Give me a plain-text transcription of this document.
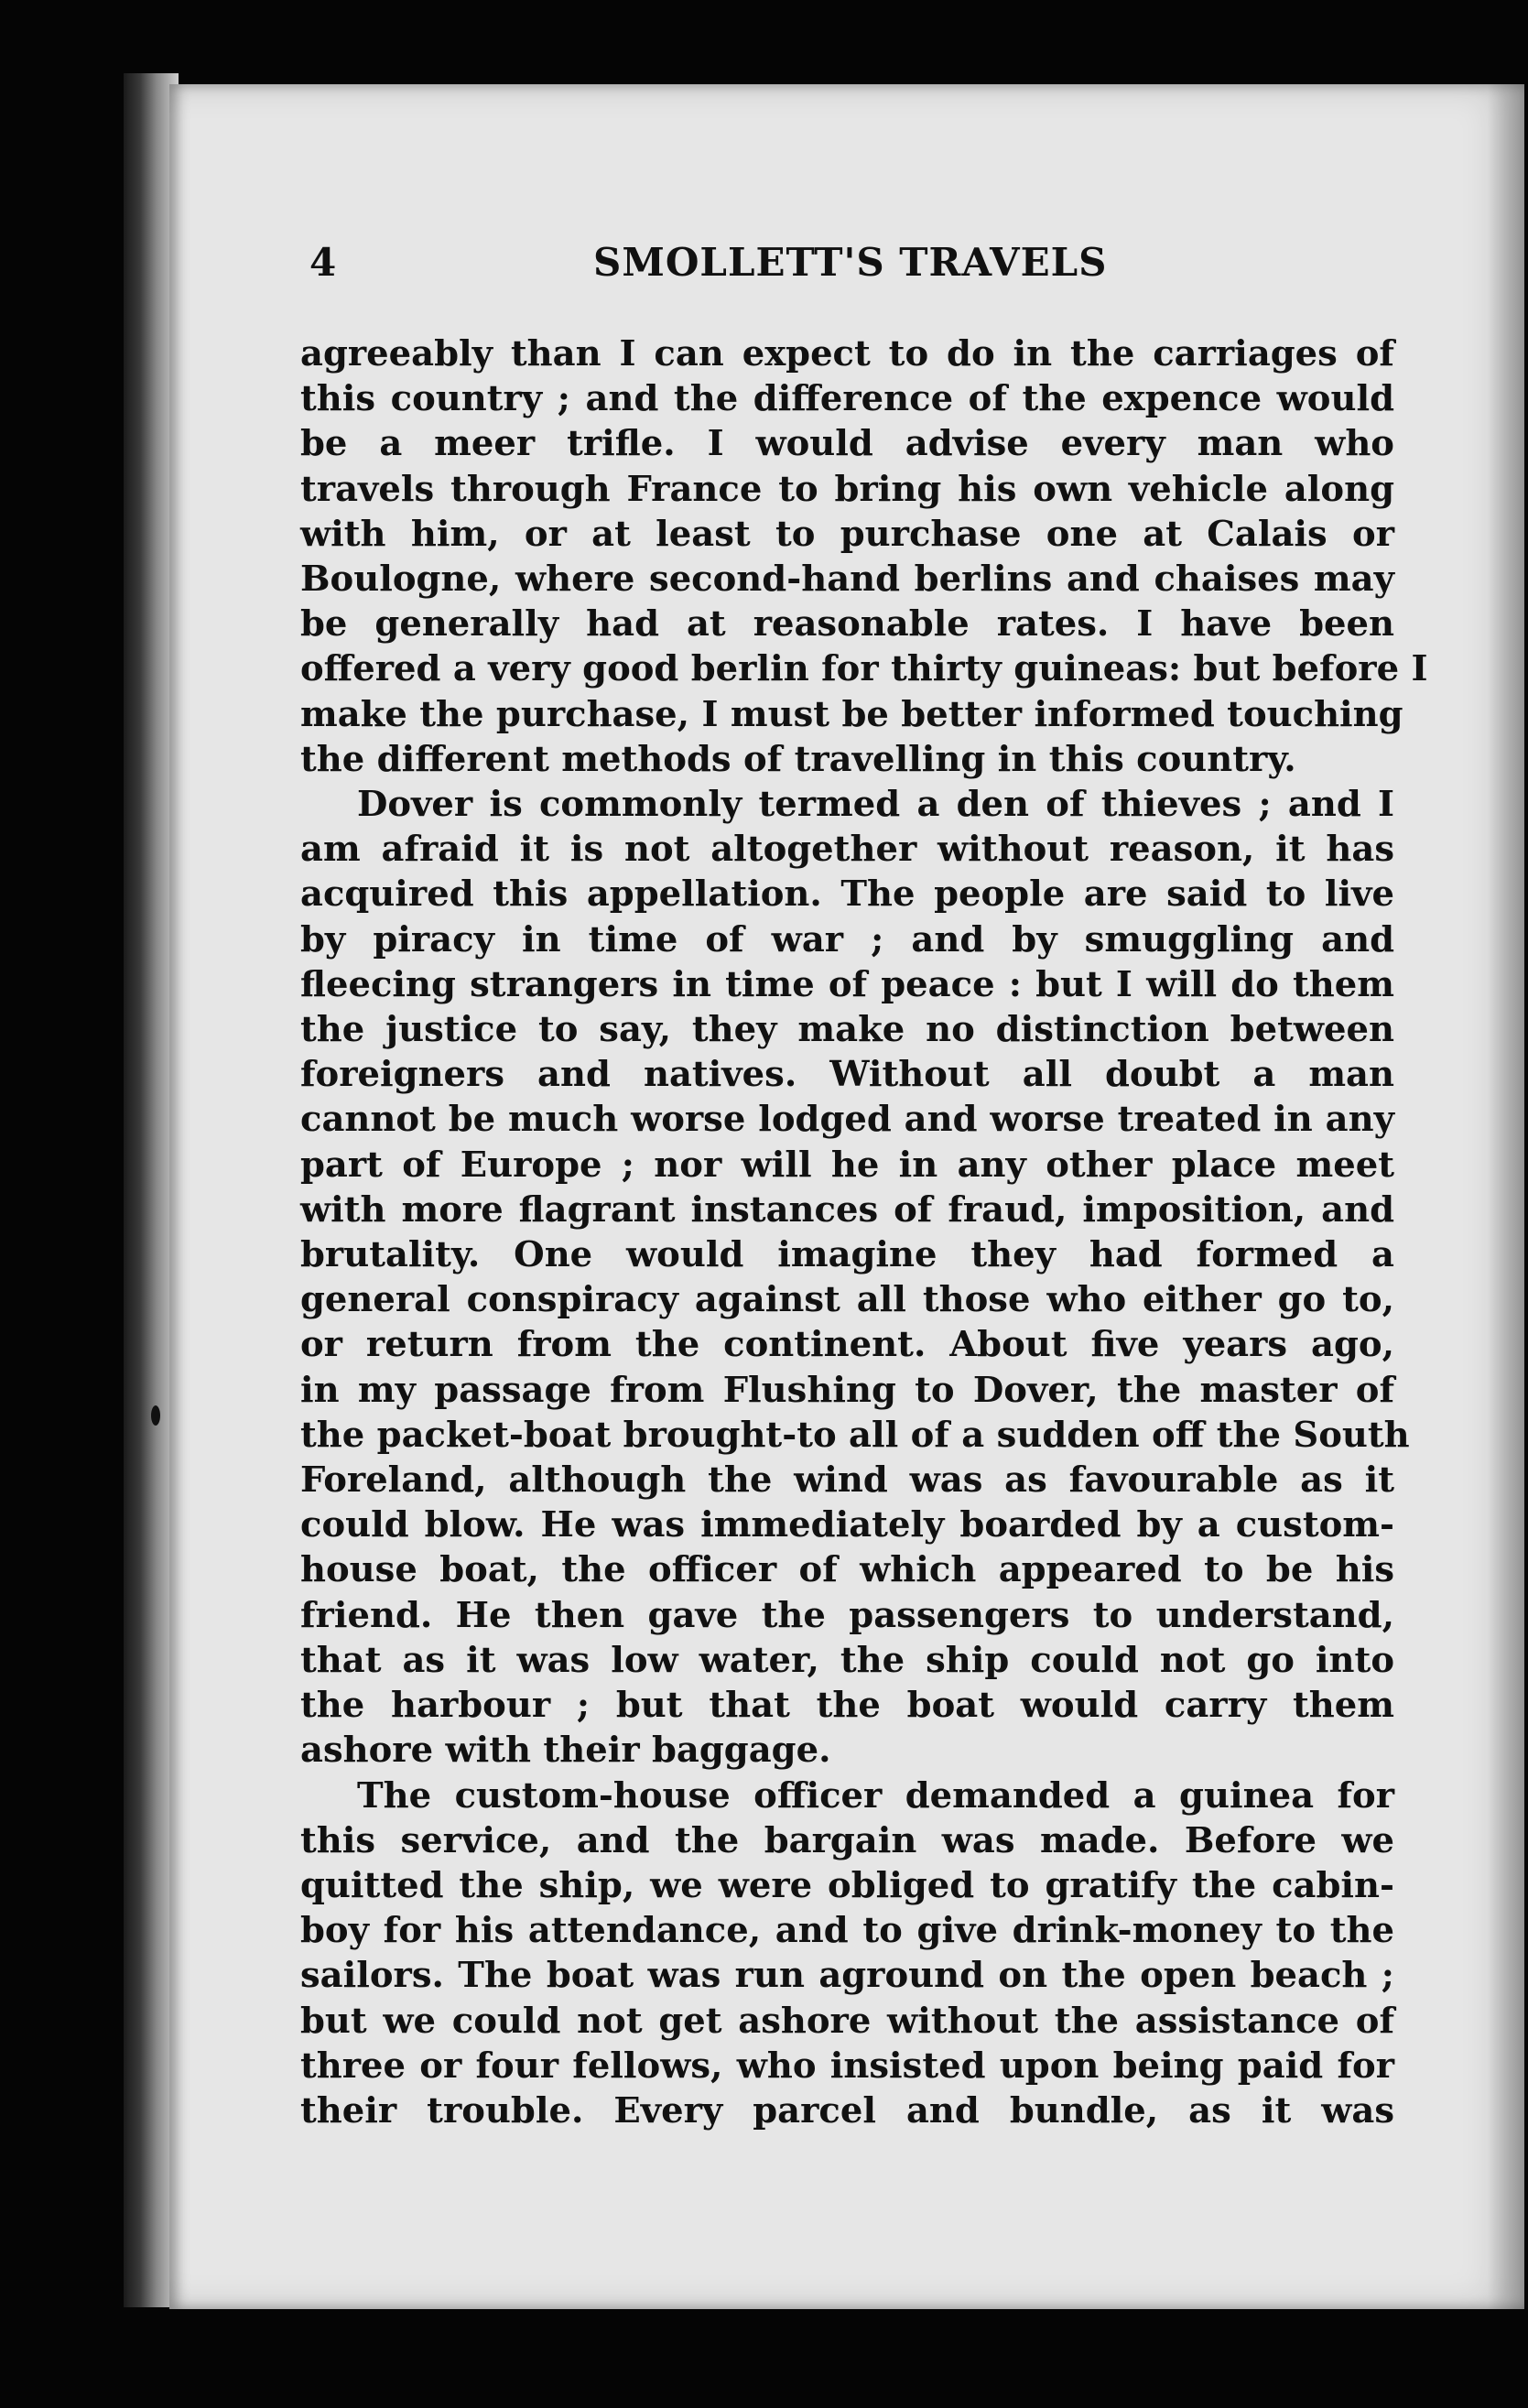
4	SMOLLETT'S TRAVELS
agreeably than I can expect to do in the carriages of
this country ; and the difference of the expence would
be a meer trifle. I would advise every man who
travels through France to bring his own vehicle along
with him, or at least to purchase one at Calais or
Boulogne, where second-hand berlins and chaises may
be generally had at reasonable rates. I have been
offered a very good berlin for thirty guineas: but before I
make the purchase, I must be better informed touching
the different methods of travelling in this country.
Dover is commonly termed a den of thieves ; and I
am afraid it is not altogether without reason, it has
acquired this appellation. The people are said to live
by piracy in time of war ; and by smuggling and
fleecing strangers in time of peace : but I will do them
the justice to say, they make no distinction between
foreigners and natives. Without all doubt a man
cannot be much worse lodged and worse treated in any
part of Europe ; nor will he in any other place meet
with more flagrant instances of fraud, imposition, and
brutality. One would imagine they had formed a
general conspiracy against all those who either go to,
or return from the continent. About five years ago,
in my passage from Flushing to Dover, the master of
the packet-boat brought-to all of a sudden off the South
Foreland, although the wind was as favourable as it
could blow. He was immediately boarded by a custom-
house boat, the officer of which appeared to be his
friend. He then gave the passengers to understand,
that as it was low water, the ship could not go into
the harbour ; but that the boat would carry them
ashore with their baggage.
The custom-house officer demanded a guinea for
this service, and the bargain was made. Before we
quitted the ship, we were obliged to gratify the cabin-
boy for his attendance, and to give drink-money to the
sailors. The boat was run aground on the open beach ;
but we could not get ashore without the assistance of
three or four fellows, who insisted upon being paid for
their trouble. Every parcel and bundle, as it was
